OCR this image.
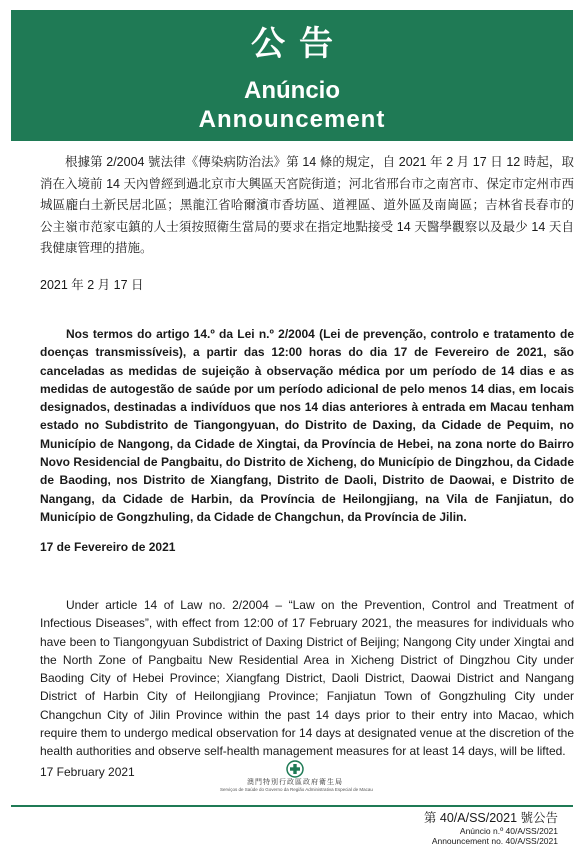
公告
Anúncio
Announcement
根據第 2/2004 號法律《傳染病防治法》第 14 條的規定，自 2021 年 2 月 17 日 12 時起，取消在入境前 14 天內曾經到過北京市大興區天宮院街道；河北省邢台市之南宮市、保定市定州市西城區龐白土新民居北區；黑龍江省哈爾濱市香坊區、道裡區、道外區及南崗區；吉林省長春市的公主嶺市范家屯鎮的人士須按照衛生當局的要求在指定地點接受 14 天醫學觀察以及最少 14 天自我健康管理的措施。
2021 年 2 月 17 日
Nos termos do artigo 14.º da Lei n.º 2/2004 (Lei de prevenção, controlo e tratamento de doenças transmissíveis), a partir das 12:00 horas do dia 17 de Fevereiro de 2021, são canceladas as medidas de sujeição à observação médica por um período de 14 dias e as medidas de autogestão de saúde por um período adicional de pelo menos 14 dias, em locais designados, destinadas a indivíduos que nos 14 dias anteriores à entrada em Macau tenham estado no Subdistrito de Tiangongyuan, do Distrito de Daxing, da Cidade de Pequim, no Município de Nangong, da Cidade de Xingtai, da Província de Hebei, na zona norte do Bairro Novo Residencial de Pangbaitu, do Distrito de Xicheng, do Município de Dingzhou, da Cidade de Baoding, nos Distrito de Xiangfang, Distrito de Daoli, Distrito de Daowai, e Distrito de Nangang, da Cidade de Harbin, da Província de Heilongjiang, na Vila de Fanjiatun, do Município de Gongzhuling, da Cidade de Changchun, da Província de Jilin.
17 de Fevereiro de 2021
Under article 14 of Law no. 2/2004 – “Law on the Prevention, Control and Treatment of Infectious Diseases”, with effect from 12:00 of 17 February 2021, the measures for individuals who have been to Tiangongyuan Subdistrict of Daxing District of Beijing; Nangong City under Xingtai and the North Zone of Pangbaitu New Residential Area in Xicheng District of Dingzhou City under Baoding City of Hebei Province; Xiangfang District, Daoli District, Daowai District and Nangang District of Harbin City of Heilongjiang Province; Fanjiatun Town of Gongzhuling City under Changchun City of Jilin Province within the past 14 days prior to their entry into Macao, which require them to undergo medical observation for 14 days at designated venue at the discretion of the health authorities and observe self-health management measures for at least 14 days, will be lifted.
17 February 2021
澳門特別行政區政府衛生局
Serviços de Saúde do Governo da Região Administrativa Especial de Macau
第 40/A/SS/2021 號公告
Anúncio n.º 40/A/SS/2021
Announcement no. 40/A/SS/2021
